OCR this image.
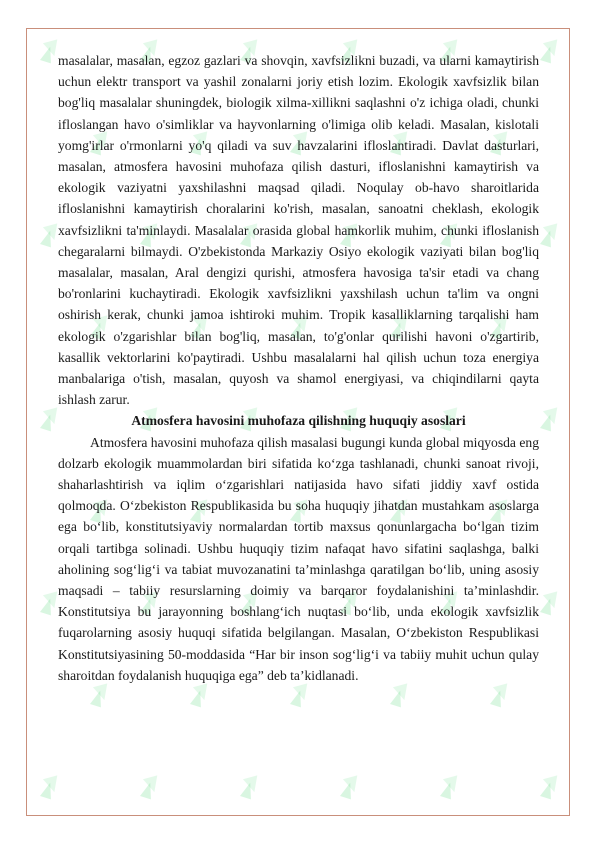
masalalar, masalan, egzoz gazlari va shovqin, xavfsizlikni buzadi, va ularni kamaytirish uchun elektr transport va yashil zonalarni joriy etish lozim. Ekologik xavfsizlik bilan bog'liq masalalar shuningdek, biologik xilma-xillikni saqlashni o'z ichiga oladi, chunki ifloslangan havo o'simliklar va hayvonlarning o'limiga olib keladi. Masalan, kislotali yomg'irlar o'rmonlarni yo'q qiladi va suv havzalarini ifloslantiradi. Davlat dasturlari, masalan, atmosfera havosini muhofaza qilish dasturi, ifloslanishni kamaytirish va ekologik vaziyatni yaxshilashni maqsad qiladi. Noqulay ob-havo sharoitlarida ifloslanishni kamaytirish choralarini ko'rish, masalan, sanoatni cheklash, ekologik xavfsizlikni ta'minlaydi. Masalalar orasida global hamkorlik muhim, chunki ifloslanish chegaralarni bilmaydi. O'zbekistonda Markaziy Osiyo ekologik vaziyati bilan bog'liq masalalar, masalan, Aral dengizi qurishi, atmosfera havosiga ta'sir etadi va chang bo'ronlarini kuchaytiradi. Ekologik xavfsizlikni yaxshilash uchun ta'lim va ongni oshirish kerak, chunki jamoa ishtiroki muhim. Tropik kasalliklarning tarqalishi ham ekologik o'zgarishlar bilan bog'liq, masalan, to'g'onlar qurilishi havoni o'zgartirib, kasallik vektorlarini ko'paytiradi. Ushbu masalalarni hal qilish uchun toza energiya manbalariga o'tish, masalan, quyosh va shamol energiyasi, va chiqindilarni qayta ishlash zarur.

Atmosfera havosini muhofaza qilishning huquqiy asoslari

Atmosfera havosini muhofaza qilish masalasi bugungi kunda global miqyosda eng dolzarb ekologik muammolardan biri sifatida ko‘zga tashlanadi, chunki sanoat rivoji, shaharlashtirish va iqlim o‘zgarishlari natijasida havo sifati jiddiy xavf ostida qolmoqda. O‘zbekiston Respublikasida bu soha huquqiy jihatdan mustahkam asoslarga ega bo‘lib, konstitutsiyaviy normalardan tortib maxsus qonunlargacha bo‘lgan tizim orqali tartibga solinadi. Ushbu huquqiy tizim nafaqat havo sifatini saqlashga, balki aholining sog‘lig‘i va tabiat muvozanatini ta’minlashga qaratilgan bo‘lib, uning asosiy maqsadi – tabiiy resurslarning doimiy va barqaror foydalanishini ta’minlashdir. Konstitutsiya bu jarayonning boshlang‘ich nuqtasi bo‘lib, unda ekologik xavfsizlik fuqarolarning asosiy huquqi sifatida belgilangan. Masalan, O‘zbekiston Respublikasi Konstitutsiyasining 50-moddasida “Har bir inson sog‘lig‘i va tabiiy muhit uchun qulay sharoitdan foydalanish huquqiga ega” deb ta’kidlanadi.
